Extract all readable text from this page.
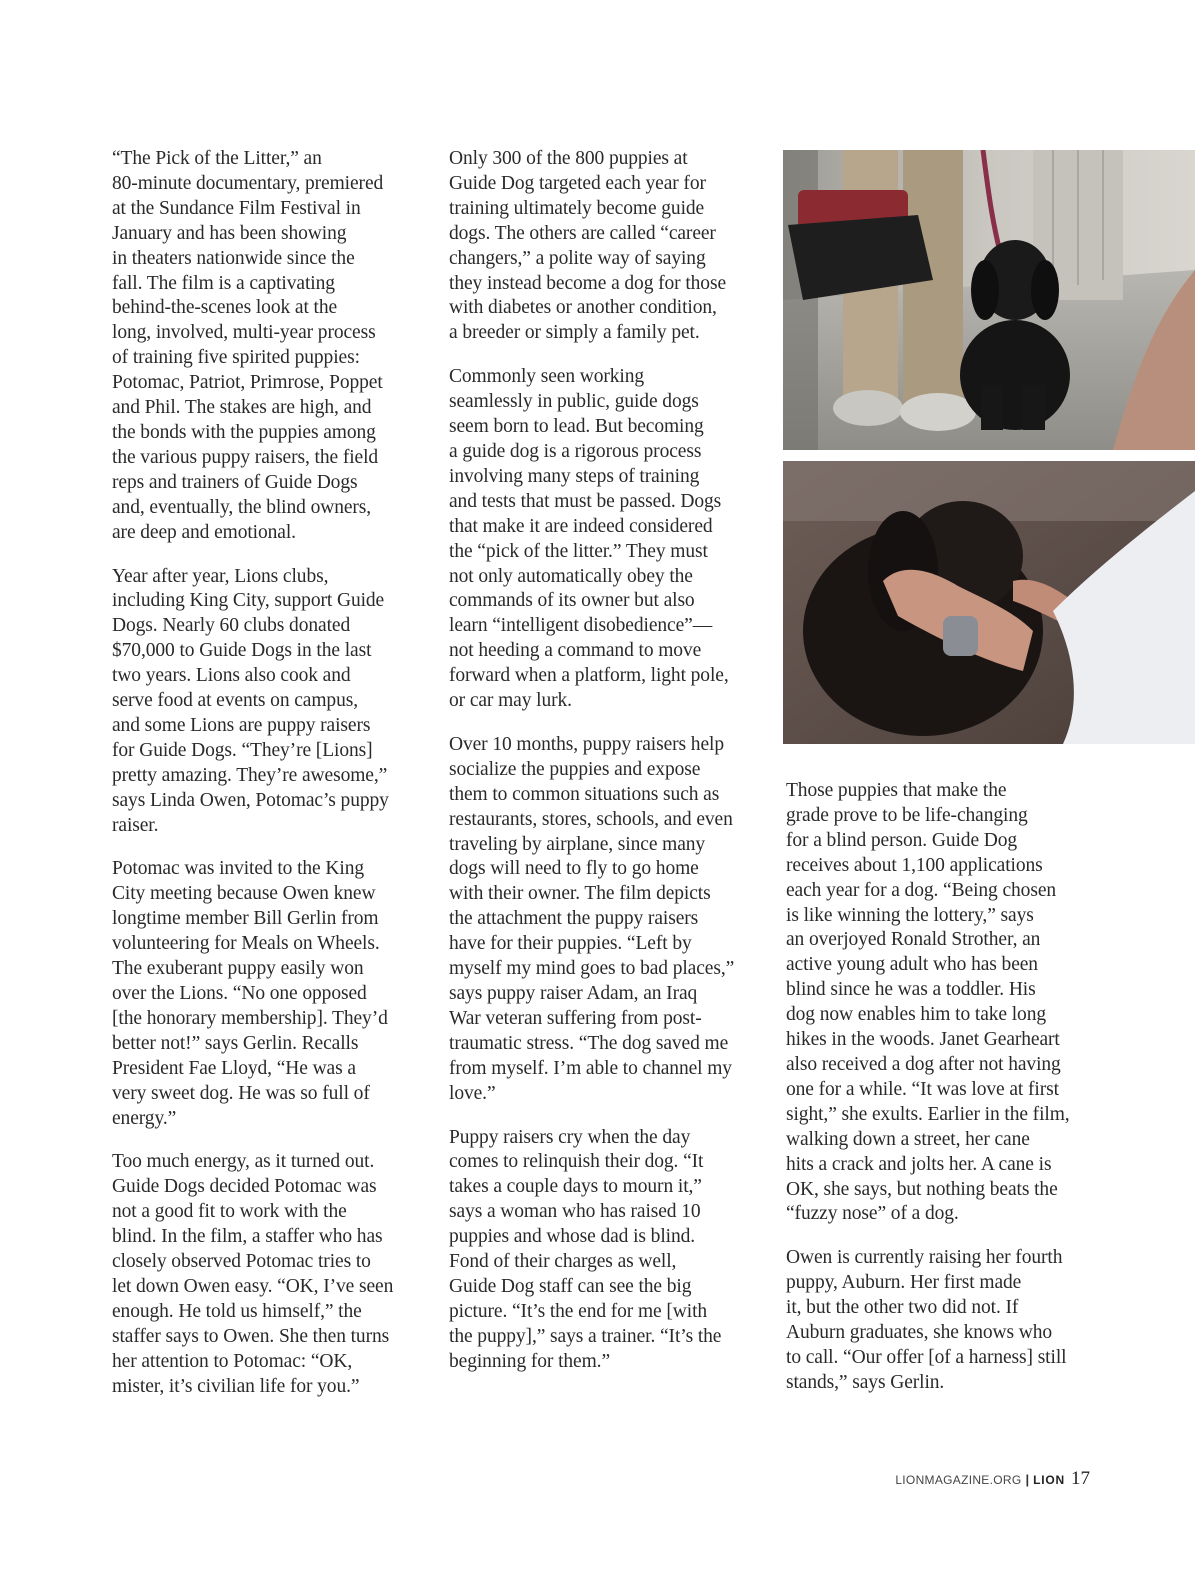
“The Pick of the Litter,” an
80-minute documentary, premiered
at the Sundance Film Festival in
January and has been showing
in theaters nationwide since the
fall. The film is a captivating
behind-the-scenes look at the
long, involved, multi-year process
of training five spirited puppies:
Potomac, Patriot, Primrose, Poppet
and Phil. The stakes are high, and
the bonds with the puppies among
the various puppy raisers, the field
reps and trainers of Guide Dogs
and, eventually, the blind owners,
are deep and emotional.

Year after year, Lions clubs,
including King City, support Guide
Dogs. Nearly 60 clubs donated
$70,000 to Guide Dogs in the last
two years. Lions also cook and
serve food at events on campus,
and some Lions are puppy raisers
for Guide Dogs. “They’re [Lions]
pretty amazing. They’re awesome,”
says Linda Owen, Potomac’s puppy
raiser.

Potomac was invited to the King
City meeting because Owen knew
longtime member Bill Gerlin from
volunteering for Meals on Wheels.
The exuberant puppy easily won
over the Lions. “No one opposed
[the honorary membership]. They’d
better not!” says Gerlin. Recalls
President Fae Lloyd, “He was a
very sweet dog. He was so full of
energy.”

Too much energy, as it turned out.
Guide Dogs decided Potomac was
not a good fit to work with the
blind. In the film, a staffer who has
closely observed Potomac tries to
let down Owen easy. “OK, I’ve seen
enough. He told us himself,” the
staffer says to Owen. She then turns
her attention to Potomac: “OK,
mister, it’s civilian life for you.”

Only 300 of the 800 puppies at
Guide Dog targeted each year for
training ultimately become guide
dogs. The others are called “career
changers,” a polite way of saying
they instead become a dog for those
with diabetes or another condition,
a breeder or simply a family pet.

Commonly seen working
seamlessly in public, guide dogs
seem born to lead. But becoming
a guide dog is a rigorous process
involving many steps of training
and tests that must be passed. Dogs
that make it are indeed considered
the “pick of the litter.” They must
not only automatically obey the
commands of its owner but also
learn “intelligent disobedience”—
not heeding a command to move
forward when a platform, light pole,
or car may lurk.

Over 10 months, puppy raisers help
socialize the puppies and expose
them to common situations such as
restaurants, stores, schools, and even
traveling by airplane, since many
dogs will need to fly to go home
with their owner. The film depicts
the attachment the puppy raisers
have for their puppies. “Left by
myself my mind goes to bad places,”
says puppy raiser Adam, an Iraq
War veteran suffering from post-
traumatic stress. “The dog saved me
from myself. I’m able to channel my
love.”

Puppy raisers cry when the day
comes to relinquish their dog. “It
takes a couple days to mourn it,”
says a woman who has raised 10
puppies and whose dad is blind.
Fond of their charges as well,
Guide Dog staff can see the big
picture. “It’s the end for me [with
the puppy],” says a trainer. “It’s the
beginning for them.”

Those puppies that make the
grade prove to be life-changing
for a blind person. Guide Dog
receives about 1,100 applications
each year for a dog. “Being chosen
is like winning the lottery,” says
an overjoyed Ronald Strother, an
active young adult who has been
blind since he was a toddler. His
dog now enables him to take long
hikes in the woods. Janet Gearheart
also received a dog after not having
one for a while. “It was love at first
sight,” she exults. Earlier in the film,
walking down a street, her cane
hits a crack and jolts her. A cane is
OK, she says, but nothing beats the
“fuzzy nose” of a dog.

Owen is currently raising her fourth
puppy, Auburn. Her first made
it, but the other two did not. If
Auburn graduates, she knows who
to call. “Our offer [of a harness] still
stands,” says Gerlin.

LIONMAGAZINE.ORG | LION 17
